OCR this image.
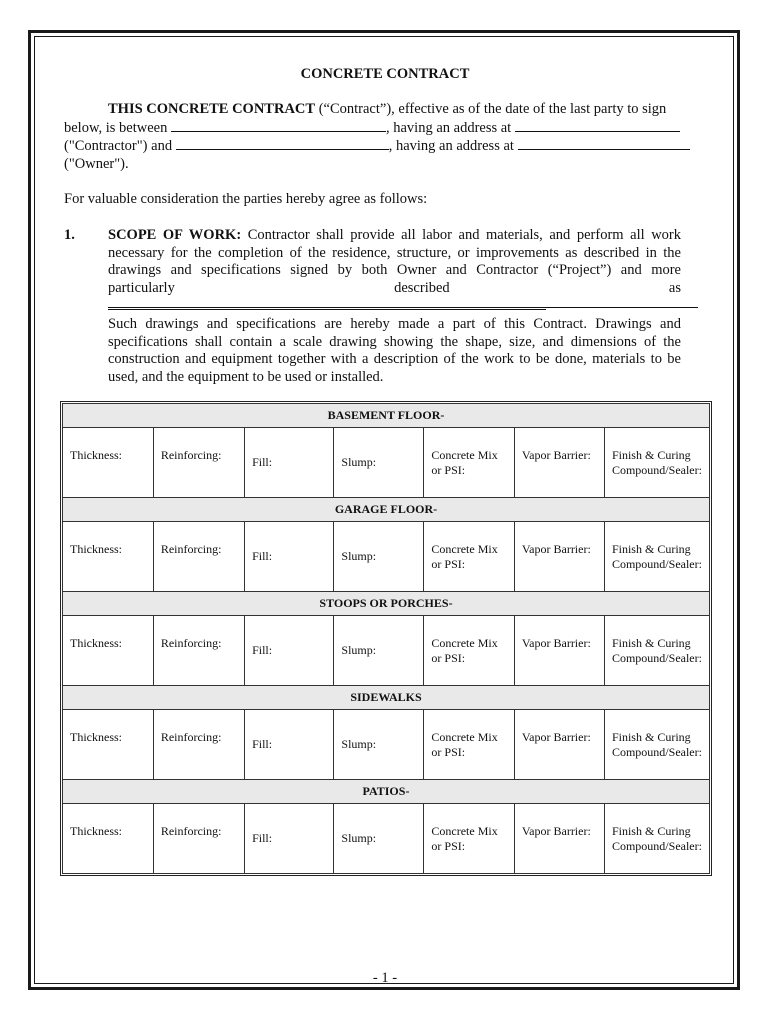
CONCRETE CONTRACT
THIS CONCRETE CONTRACT (“Contract”), effective as of the date of the last party to sign below, is between	, having an address at
("Contractor") and	, having an address at
("Owner").
For valuable consideration the parties hereby agree as follows:
1. SCOPE OF WORK: Contractor shall provide all labor and materials, and perform all work necessary for the completion of the residence, structure, or improvements as described in the drawings and specifications signed by both Owner and Contractor (“Project”) and more particularly described as
Such drawings and specifications are hereby made a part of this Contract. Drawings and specifications shall contain a scale drawing showing the shape, size, and dimensions of the construction and equipment together with a description of the work to be done, materials to be used, and the equipment to be used or installed.
BASEMENT FLOOR-						

Thickness:	Reinforcing:	Fill:	Slump:	Concrete Mix or PSI:	Vapor Barrier:	Finish & Curing Compound/Sealer:

GARAGE FLOOR-						

Thickness:	Reinforcing:	Fill:	Slump:	Concrete Mix or PSI:	Vapor Barrier:	Finish & Curing Compound/Sealer:

STOOPS OR PORCHES-						

Thickness:	Reinforcing:	Fill:	Slump:	Concrete Mix or PSI:	Vapor Barrier:	Finish & Curing Compound/Sealer:

SIDEWALKS						

Thickness:	Reinforcing:	Fill:	Slump:	Concrete Mix or PSI:	Vapor Barrier:	Finish & Curing Compound/Sealer:

PATIOS-						

Thickness:	Reinforcing:	Fill:	Slump:	Concrete Mix or PSI:	Vapor Barrier:	Finish & Curing Compound/Sealer:
- 1 -
